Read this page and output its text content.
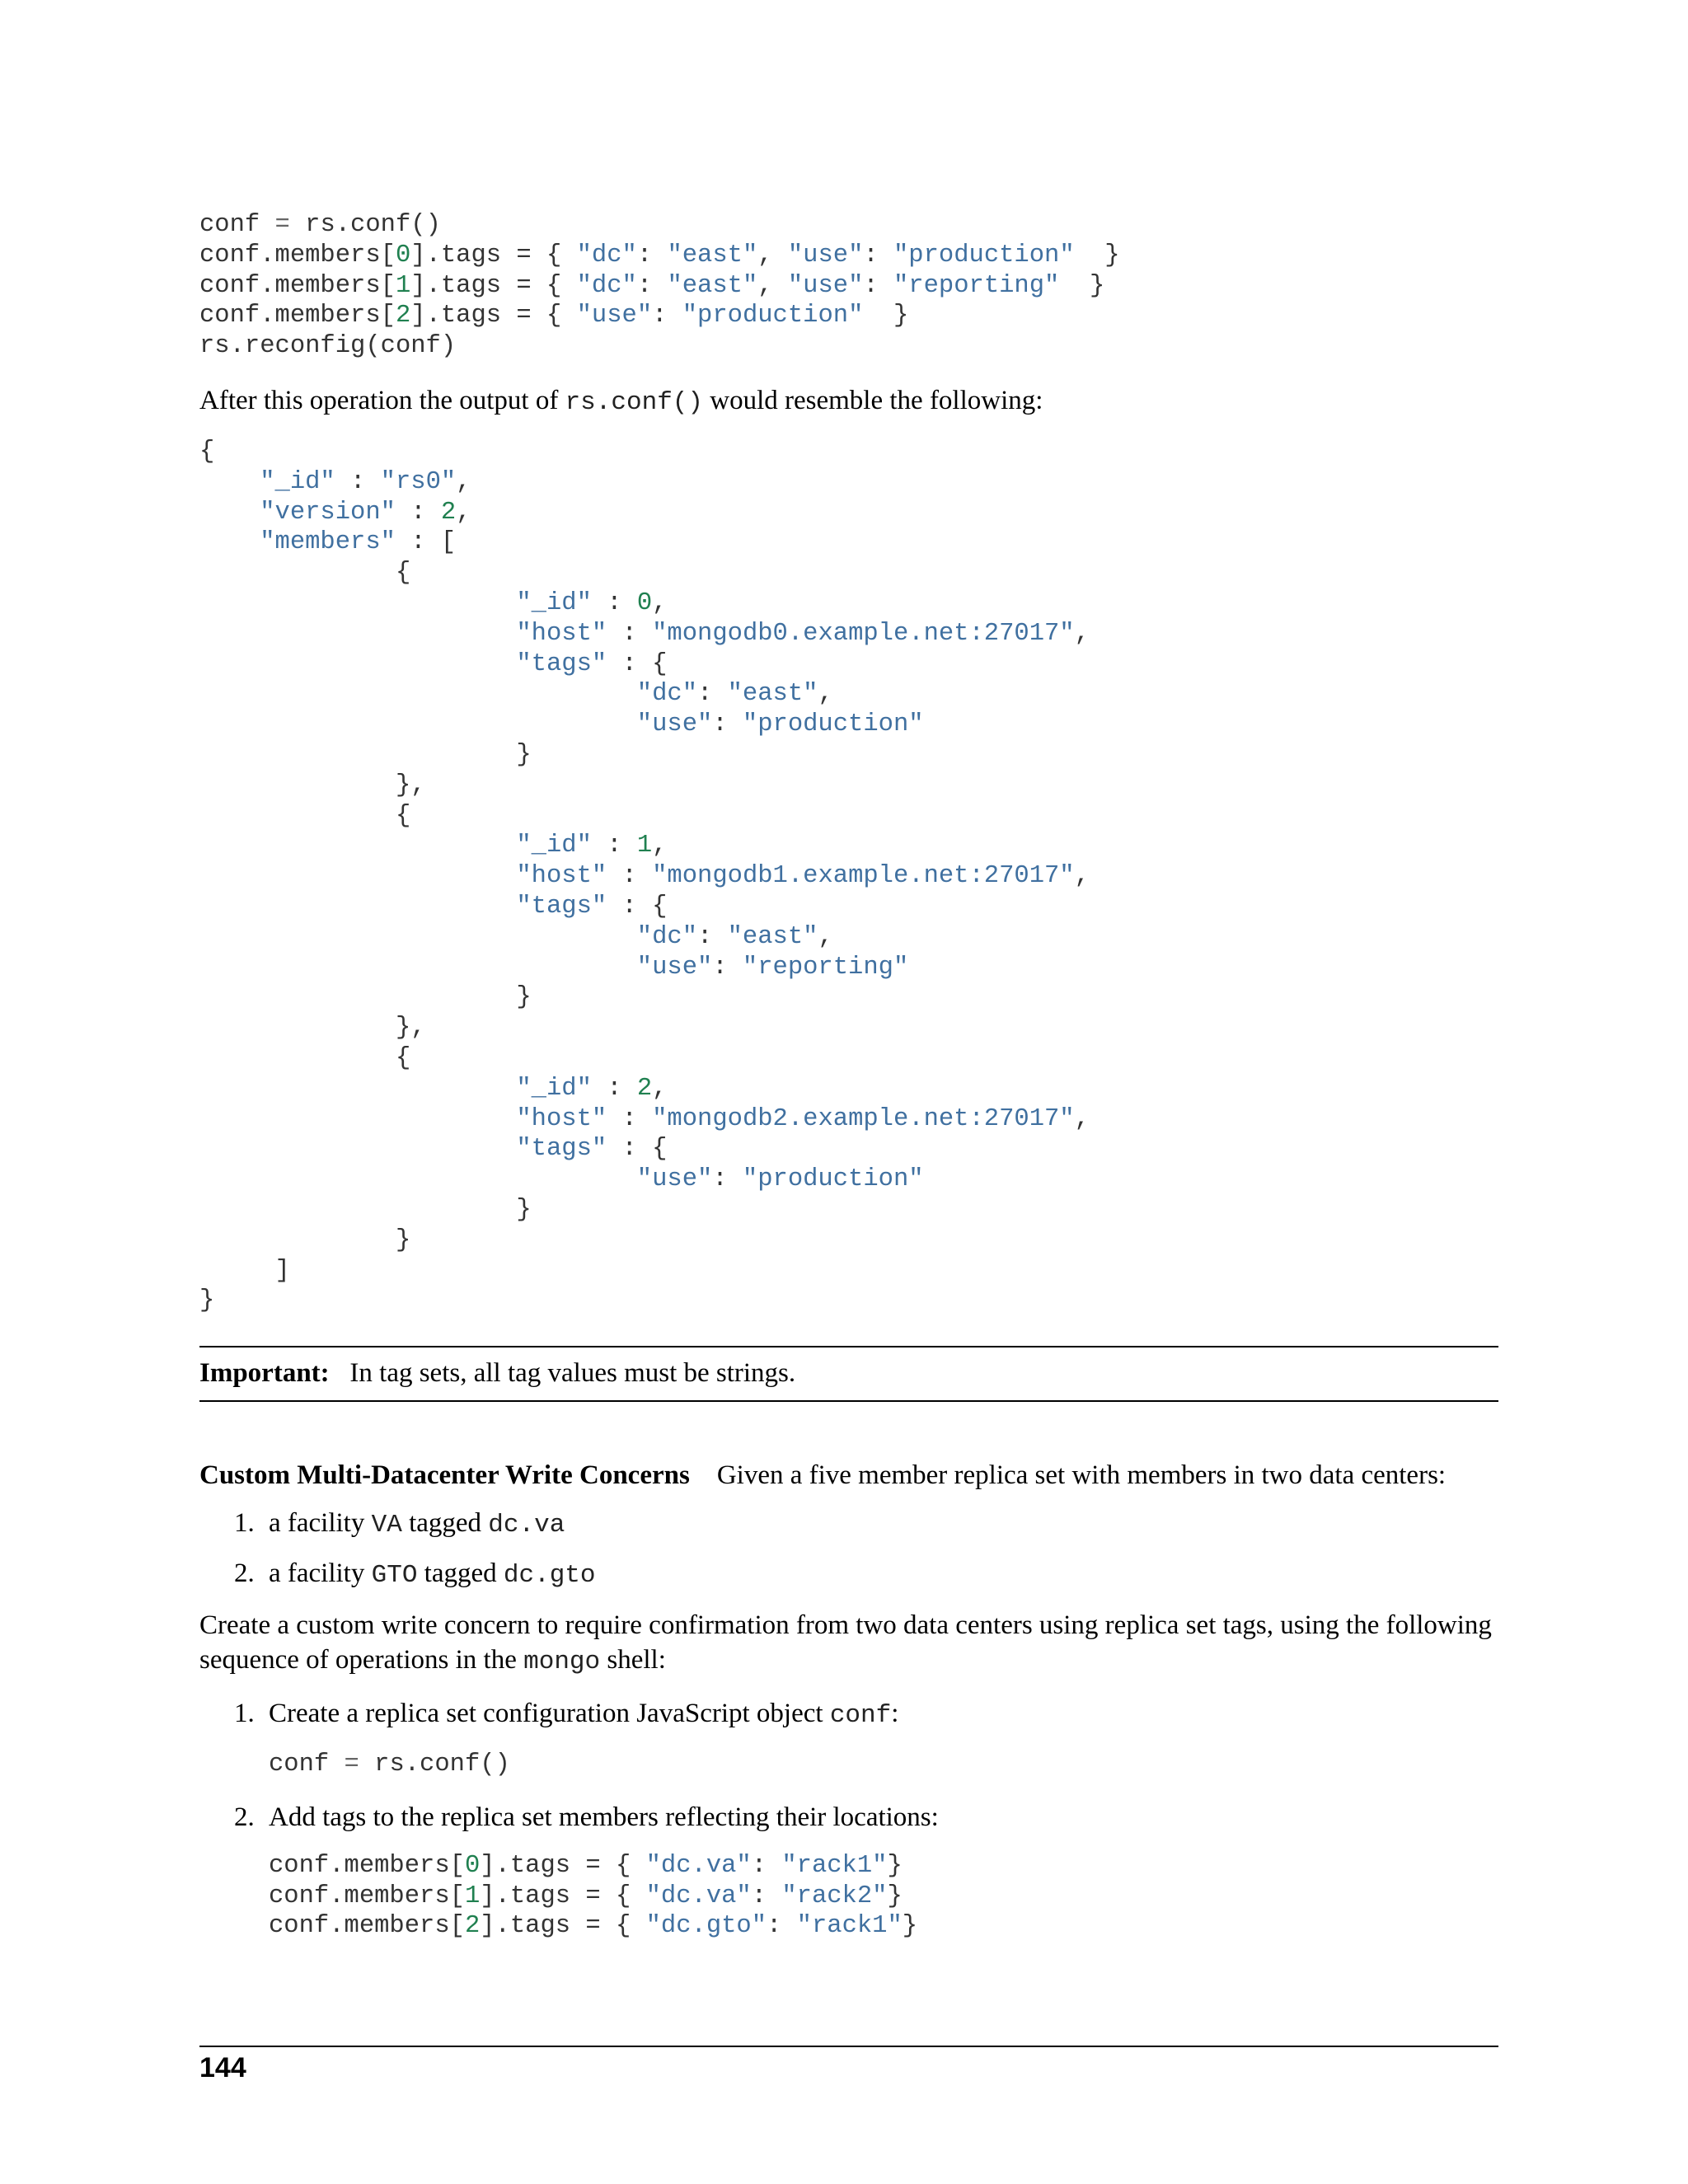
conf = rs.conf()
conf.members[0].tags = { "dc": "east", "use": "production"  }
conf.members[1].tags = { "dc": "east", "use": "reporting"  }
conf.members[2].tags = { "use": "production"  }
rs.reconfig(conf)

After this operation the output of rs.conf() would resemble the following:

{
"_id" : "rs0",
"version" : 2,
"members" : [
{
"_id" : 0,
"host" : "mongodb0.example.net:27017",
"tags" : {
"dc": "east",
"use": "production"
}
},
{
"_id" : 1,
"host" : "mongodb1.example.net:27017",
"tags" : {
"dc": "east",
"use": "reporting"
}
},
{
"_id" : 2,
"host" : "mongodb2.example.net:27017",
"tags" : {
"use": "production"
}
}
]
}

Important: In tag sets, all tag values must be strings.

Custom Multi-Datacenter Write Concerns Given a five member replica set with members in two data centers:

1. a facility VA tagged dc.va
2. a facility GTO tagged dc.gto

Create a custom write concern to require confirmation from two data centers using replica set tags, using the following sequence of operations in the mongo shell:

1. Create a replica set configuration JavaScript object conf:
conf = rs.conf()
2. Add tags to the replica set members reflecting their locations:
conf.members[0].tags = { "dc.va": "rack1"}
conf.members[1].tags = { "dc.va": "rack2"}
conf.members[2].tags = { "dc.gto": "rack1"}
144
